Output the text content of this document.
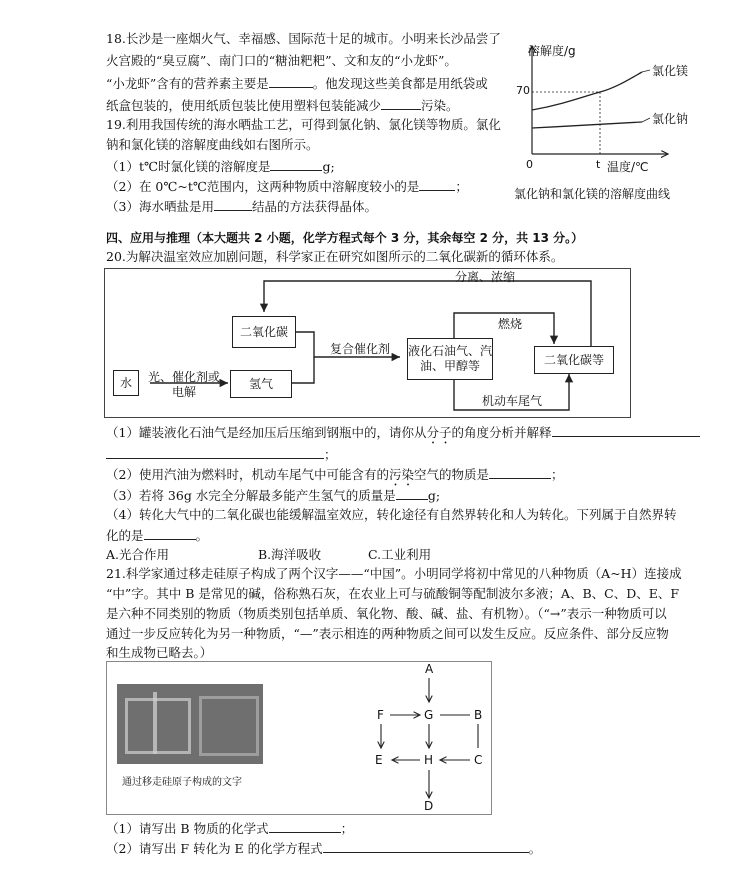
18.长沙是一座烟火气、幸福感、国际范十足的城市。小明来长沙品尝了
火宫殿的“臭豆腐”、南门口的“糖油粑粑”、文和友的“小龙虾”。
“小龙虾”含有的营养素主要是	。他发现这些美食都是用纸袋或
纸盒包装的，使用纸质包装比使用塑料包装能减少	污染。
19.利用我国传统的海水晒盐工艺，可得到氯化钠、氯化镁等物质。氯化
钠和氯化镁的溶解度曲线如右图所示。
（1）t℃时氯化镁的溶解度是	g;
（2）在 0℃~t℃范围内，这两种物质中溶解度较小的是	；
（3）海水晒盐是用	结晶的方法获得晶体。
溶解度/g
70
0	t 温度/℃
氯化镁
氯化钠
氯化钠和氯化镁的溶解度曲线
四、应用与推理（本大题共 2 小题，化学方程式每个 3 分，其余每空 2 分，共 13 分。）
20.为解决温室效应加剧问题，科学家正在研究如图所示的二氧化碳新的循环体系。
分离、浓缩
二氧化碳
复合催化剂 液化石油气、汽油、甲醇等
燃烧
二氧化碳等
水	光、催化剂或电解
氢气
机动车尾气
（1）罐装液化石油气是经加压后压缩到钢瓶中的，请你从分子的角度分析并解释
；
（2）使用汽油为燃料时，机动车尾气中可能含有的污染空气的物质是	；
（3）若将 36g 水完全分解最多能产生氢气的质量是	g;
（4）转化大气中的二氧化碳也能缓解温室效应，转化途径有自然界转化和人为转化。下列属于自然界转
化的是	。
A.光合作用	B.海洋吸收	C.工业利用
21.科学家通过移走硅原子构成了两个汉字——“中国”。小明同学将初中常见的八种物质（A~H）连接成
“中”字。其中 B 是常见的碱，俗称熟石灰，在农业上可与硫酸铜等配制波尔多液；A、B、C、D、E、F
是六种不同类别的物质（物质类别包括单质、氧化物、酸、碱、盐、有机物）。（“→”表示一种物质可以
通过一步反应转化为另一种物质，“—”表示相连的两种物质之间可以发生反应。反应条件、部分反应物
和生成物已略去。）
通过移走硅原子构成的文字
A
F	G	B
E	H	C
D
（1）请写出 B 物质的化学式	；
（2）请写出 F 转化为 E 的化学方程式	。
